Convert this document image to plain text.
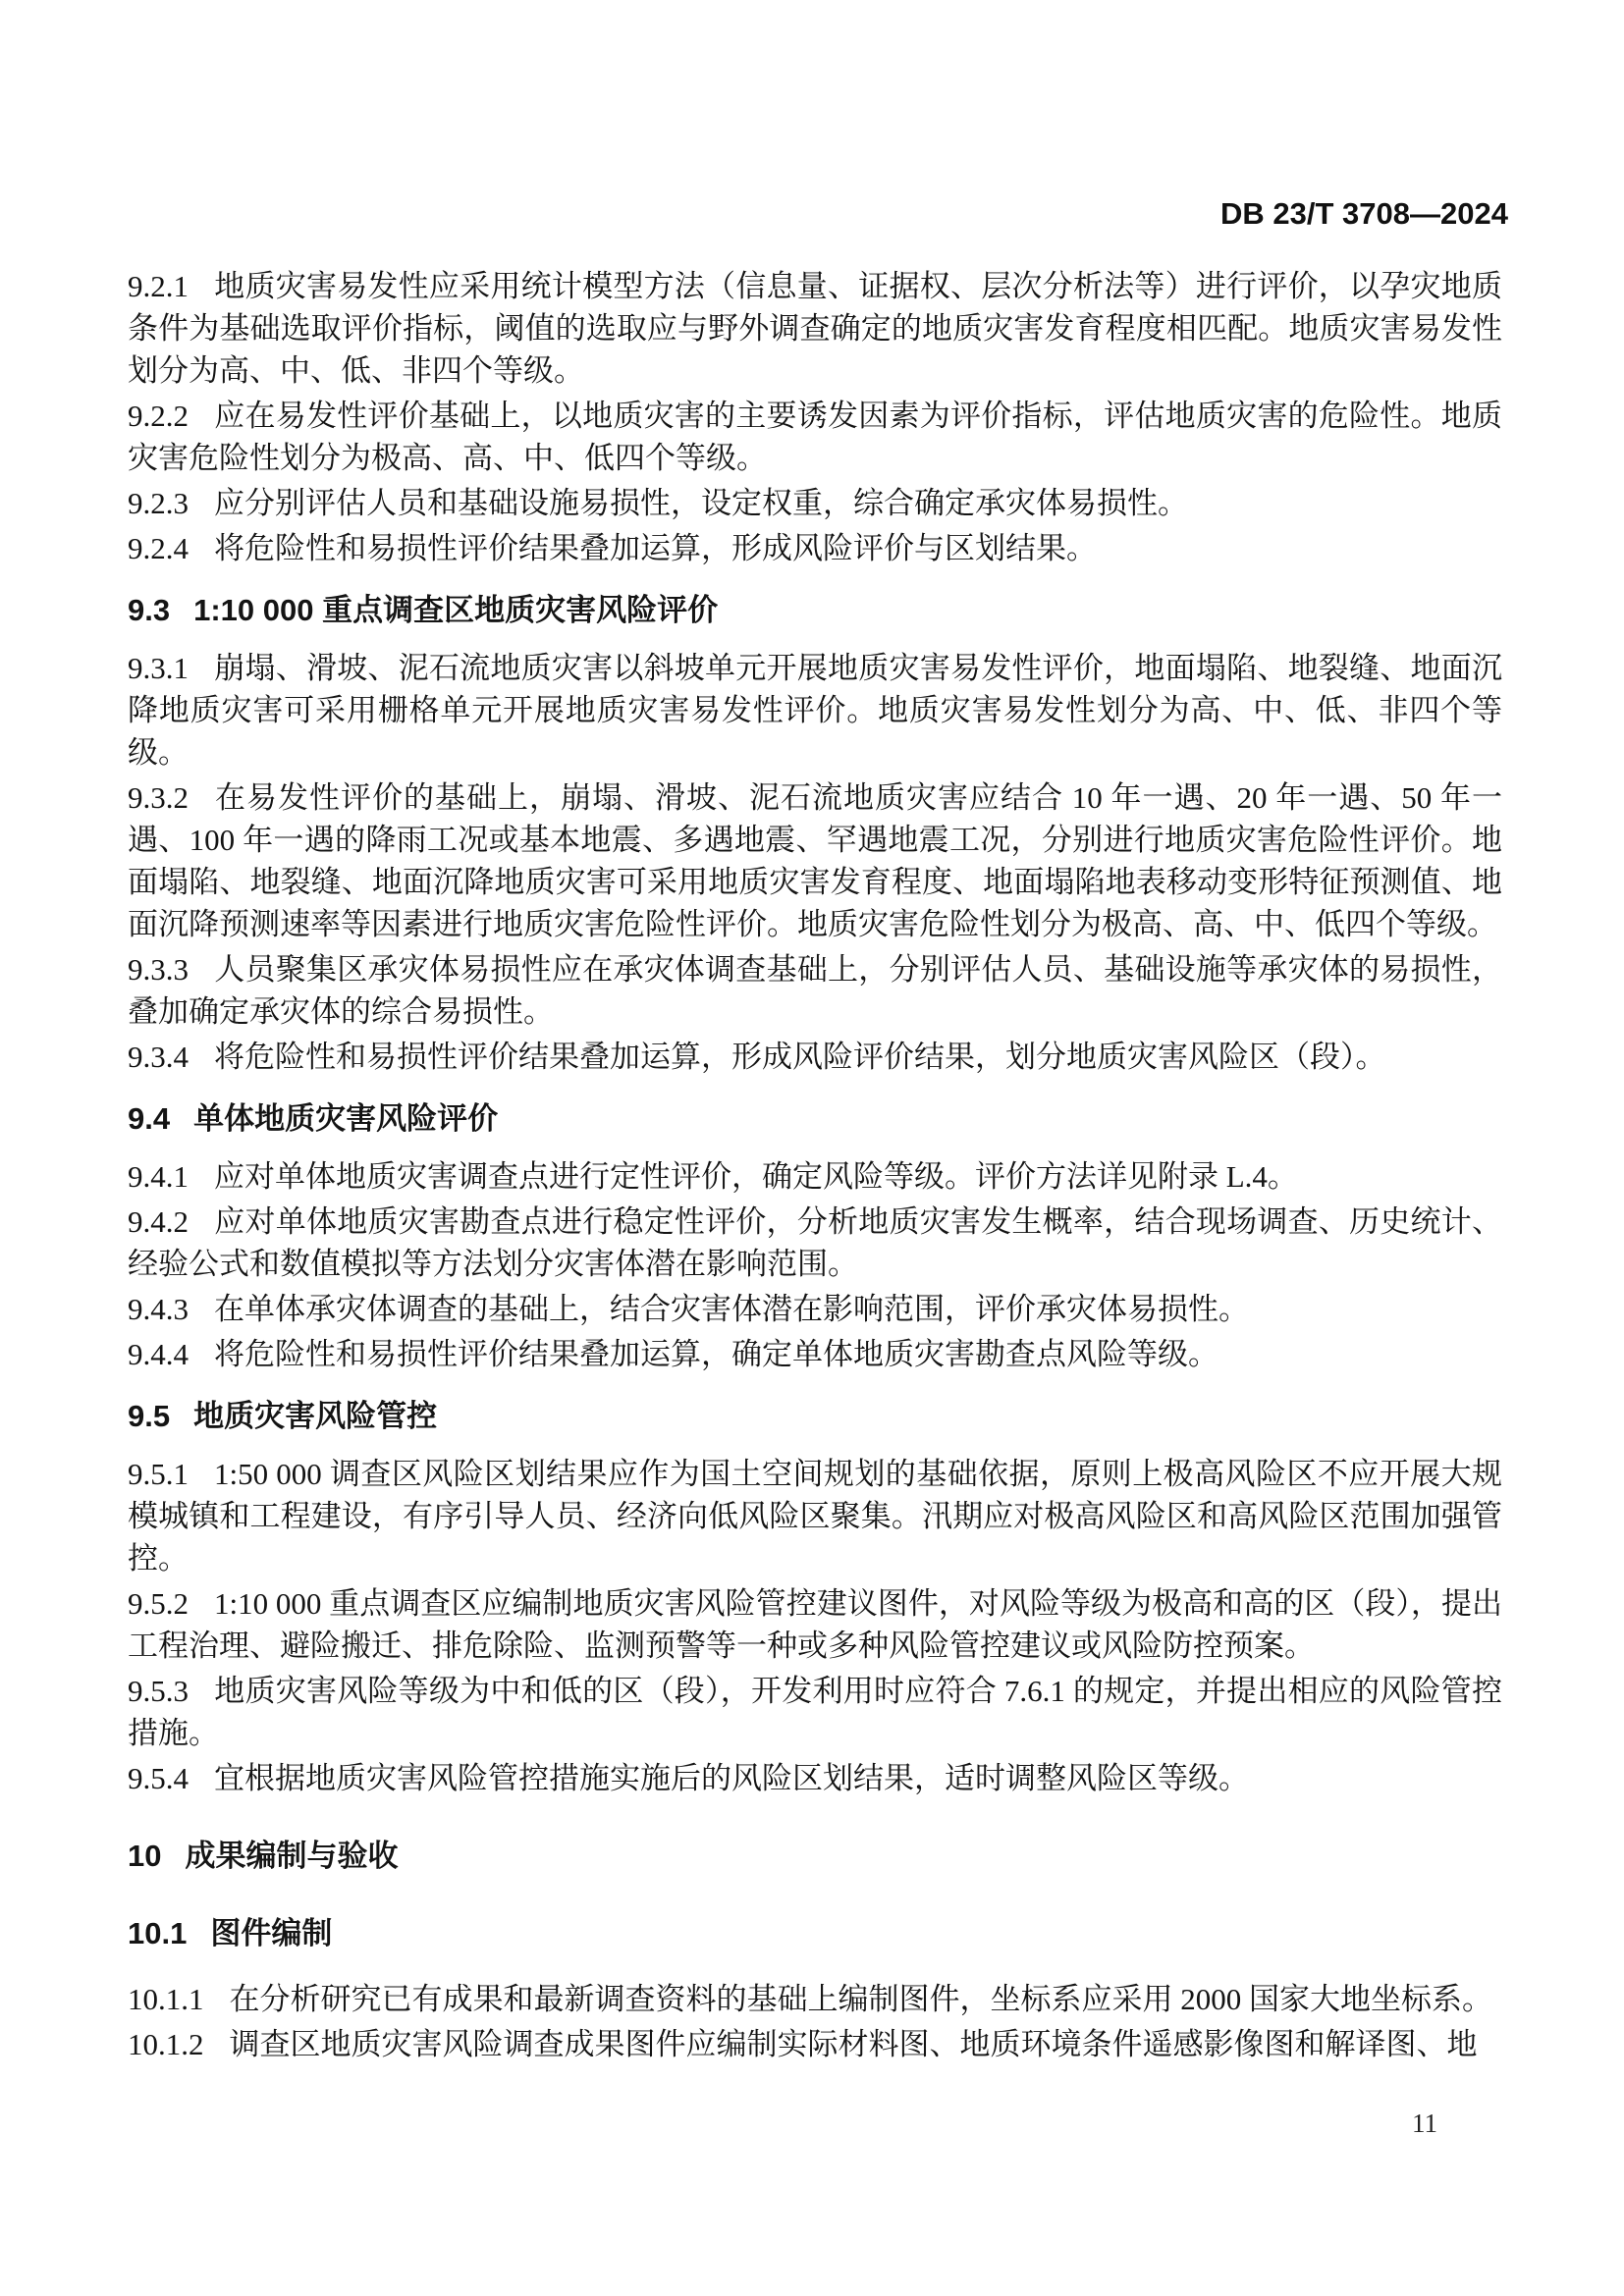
DB 23/T 3708—2024

9.2.1 地质灾害易发性应采用统计模型方法（信息量、证据权、层次分析法等）进行评价，以孕灾地质条件为基础选取评价指标，阈值的选取应与野外调查确定的地质灾害发育程度相匹配。地质灾害易发性划分为高、中、低、非四个等级。

9.2.2 应在易发性评价基础上，以地质灾害的主要诱发因素为评价指标，评估地质灾害的危险性。地质灾害危险性划分为极高、高、中、低四个等级。

9.2.3 应分别评估人员和基础设施易损性，设定权重，综合确定承灾体易损性。

9.2.4 将危险性和易损性评价结果叠加运算，形成风险评价与区划结果。

9.3 1:10 000 重点调查区地质灾害风险评价

9.3.1 崩塌、滑坡、泥石流地质灾害以斜坡单元开展地质灾害易发性评价，地面塌陷、地裂缝、地面沉降地质灾害可采用栅格单元开展地质灾害易发性评价。地质灾害易发性划分为高、中、低、非四个等级。

9.3.2 在易发性评价的基础上，崩塌、滑坡、泥石流地质灾害应结合 10 年一遇、20 年一遇、50 年一遇、100 年一遇的降雨工况或基本地震、多遇地震、罕遇地震工况，分别进行地质灾害危险性评价。地面塌陷、地裂缝、地面沉降地质灾害可采用地质灾害发育程度、地面塌陷地表移动变形特征预测值、地面沉降预测速率等因素进行地质灾害危险性评价。地质灾害危险性划分为极高、高、中、低四个等级。

9.3.3 人员聚集区承灾体易损性应在承灾体调查基础上，分别评估人员、基础设施等承灾体的易损性，叠加确定承灾体的综合易损性。

9.3.4 将危险性和易损性评价结果叠加运算，形成风险评价结果，划分地质灾害风险区（段）。

9.4 单体地质灾害风险评价

9.4.1 应对单体地质灾害调查点进行定性评价，确定风险等级。评价方法详见附录 L.4。

9.4.2 应对单体地质灾害勘查点进行稳定性评价，分析地质灾害发生概率，结合现场调查、历史统计、经验公式和数值模拟等方法划分灾害体潜在影响范围。

9.4.3 在单体承灾体调查的基础上，结合灾害体潜在影响范围，评价承灾体易损性。

9.4.4 将危险性和易损性评价结果叠加运算，确定单体地质灾害勘查点风险等级。

9.5 地质灾害风险管控

9.5.1 1:50 000 调查区风险区划结果应作为国土空间规划的基础依据，原则上极高风险区不应开展大规模城镇和工程建设，有序引导人员、经济向低风险区聚集。汛期应对极高风险区和高风险区范围加强管控。

9.5.2 1:10 000 重点调查区应编制地质灾害风险管控建议图件，对风险等级为极高和高的区（段），提出工程治理、避险搬迁、排危除险、监测预警等一种或多种风险管控建议或风险防控预案。

9.5.3 地质灾害风险等级为中和低的区（段），开发利用时应符合 7.6.1 的规定，并提出相应的风险管控措施。

9.5.4 宜根据地质灾害风险管控措施实施后的风险区划结果，适时调整风险区等级。

10 成果编制与验收
10.1 图件编制

10.1.1 在分析研究已有成果和最新调查资料的基础上编制图件，坐标系应采用 2000 国家大地坐标系。

10.1.2 调查区地质灾害风险调查成果图件应编制实际材料图、地质环境条件遥感影像图和解译图、地

11
